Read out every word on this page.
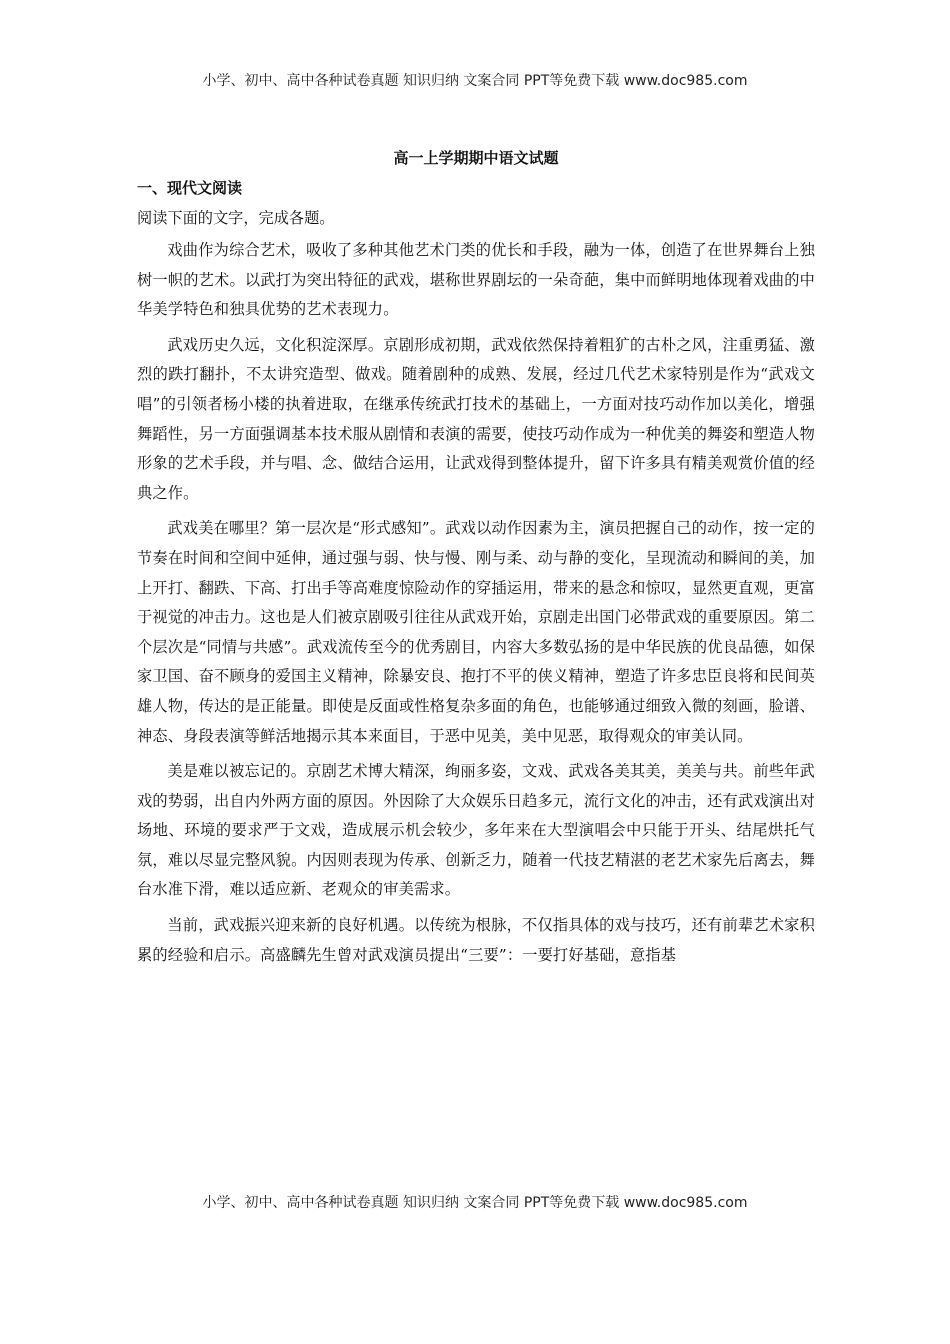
小学、初中、高中各种试卷真题 知识归纳 文案合同 PPT等免费下载 www.doc985.com
高一上学期期中语文试题
一、现代文阅读
阅读下面的文字，完成各题。

戏曲作为综合艺术，吸收了多种其他艺术门类的优长和手段，融为一体，创造了在世界舞台上独树一帜的艺术。以武打为突出特征的武戏，堪称世界剧坛的一朵奇葩，集中而鲜明地体现着戏曲的中华美学特色和独具优势的艺术表现力。

武戏历史久远，文化积淀深厚。京剧形成初期，武戏依然保持着粗犷的古朴之风，注重勇猛、激烈的跌打翻扑，不太讲究造型、做戏。随着剧种的成熟、发展，经过几代艺术家特别是作为“武戏文唱”的引领者杨小楼的执着进取，在继承传统武打技术的基础上，一方面对技巧动作加以美化，增强舞蹈性，另一方面强调基本技术服从剧情和表演的需要，使技巧动作成为一种优美的舞姿和塑造人物形象的艺术手段，并与唱、念、做结合运用，让武戏得到整体提升，留下许多具有精美观赏价值的经典之作。

武戏美在哪里？第一层次是“形式感知”。武戏以动作因素为主，演员把握自己的动作，按一定的节奏在时间和空间中延伸，通过强与弱、快与慢、刚与柔、动与静的变化，呈现流动和瞬间的美，加上开打、翻跌、下高、打出手等高难度惊险动作的穿插运用，带来的悬念和惊叹，显然更直观，更富于视觉的冲击力。这也是人们被京剧吸引往往从武戏开始，京剧走出国门必带武戏的重要原因。第二个层次是“同情与共感”。武戏流传至今的优秀剧目，内容大多数弘扬的是中华民族的优良品德，如保家卫国、奋不顾身的爱国主义精神，除暴安良、抱打不平的侠义精神，塑造了许多忠臣良将和民间英雄人物，传达的是正能量。即使是反面或性格复杂多面的角色，也能够通过细致入微的刻画，脸谱、神态、身段表演等鲜活地揭示其本来面目，于恶中见美，美中见恶，取得观众的审美认同。

美是难以被忘记的。京剧艺术博大精深，绚丽多姿，文戏、武戏各美其美，美美与共。前些年武戏的势弱，出自内外两方面的原因。外因除了大众娱乐日趋多元，流行文化的冲击，还有武戏演出对场地、环境的要求严于文戏，造成展示机会较少，多年来在大型演唱会中只能于开头、结尾烘托气氛，难以尽显完整风貌。内因则表现为传承、创新乏力，随着一代技艺精湛的老艺术家先后离去，舞台水准下滑，难以适应新、老观众的审美需求。

当前，武戏振兴迎来新的良好机遇。以传统为根脉，不仅指具体的戏与技巧，还有前辈艺术家积累的经验和启示。高盛麟先生曾对武戏演员提出“三要”：一要打好基础，意指基

小学、初中、高中各种试卷真题 知识归纳 文案合同 PPT等免费下载 www.doc985.com
